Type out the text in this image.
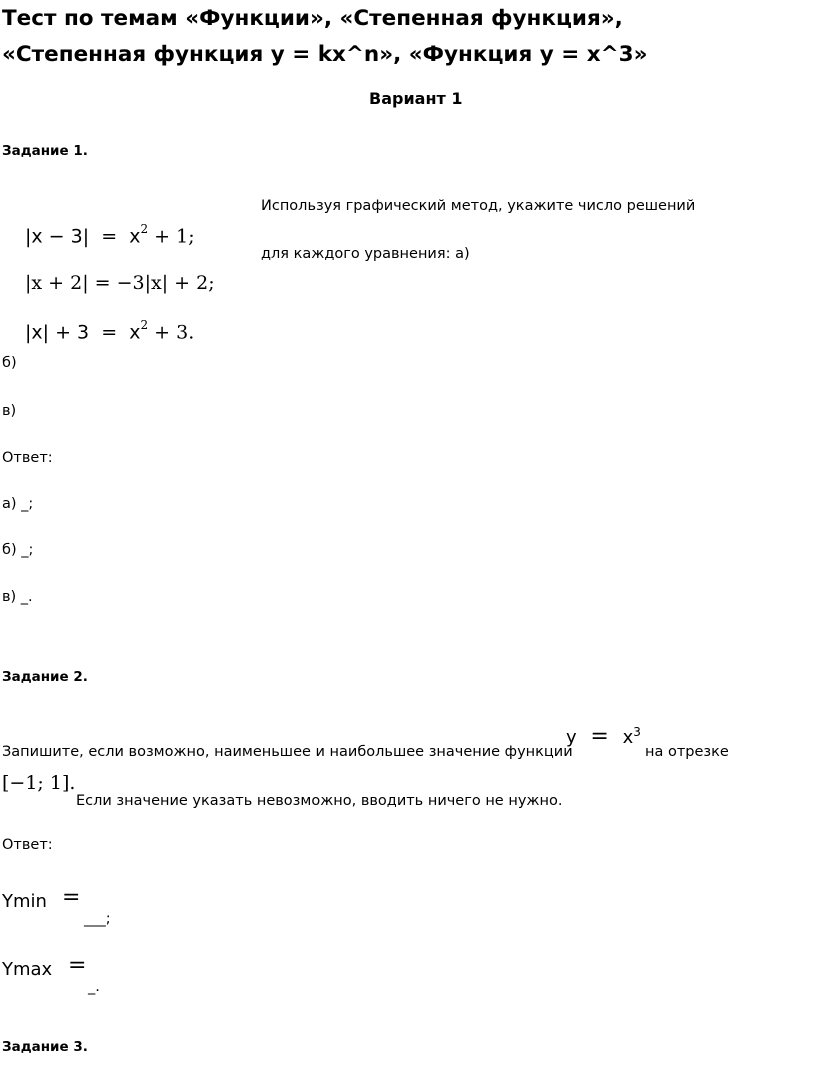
Тест по темам «Функции», «Степенная функция»,
«Степенная функция y = kx^n», «Функция y = x^3»
Вариант 1
Задание 1.
Используя графический метод, укажите число решений
для каждого уравнения: а)
$|x - 3| = x^2 + 1$;
|x + 2| = −3|x| + 2;
$|x| + 3 = x^2 + 3$.
б)
в)
Ответ:
а) _;
б) _;
в) _.
Задание 2.
Запишите, если возможно, наименьшее и наибольшее значение функции
$y = x^3$
на отрезке
[−1; 1].
Если значение указать невозможно, вводить ничего не нужно.
Ответ:
Ymin =
___;
Ymax =
_.
Задание 3.
